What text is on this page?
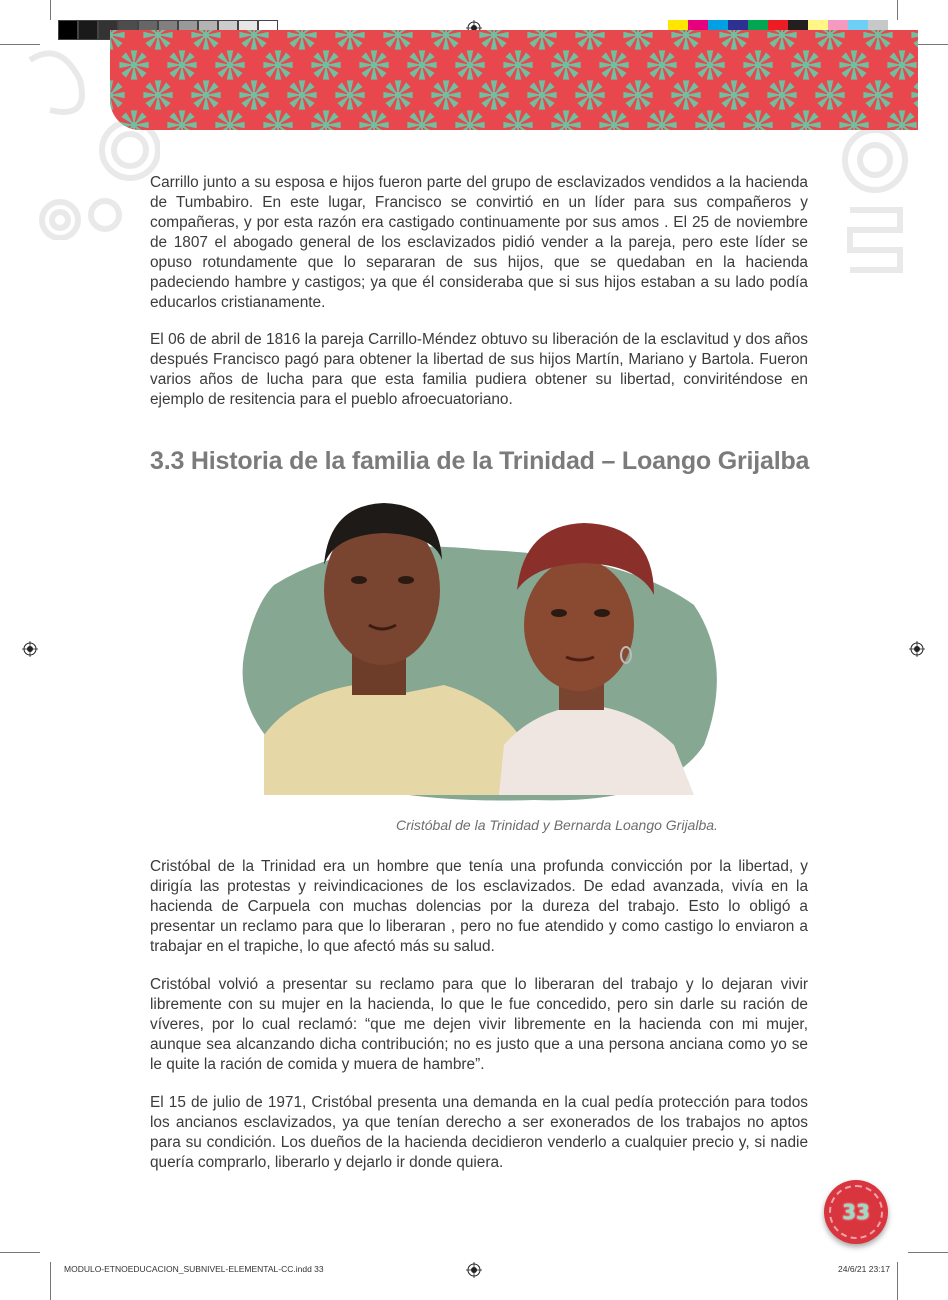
Carrillo junto a su esposa e hijos fueron parte del grupo de esclavizados vendidos a la hacienda de Tumbabiro. En este lugar, Francisco se convirtió en un líder para sus compañeros y compañeras, y por esta razón era castigado continuamente por sus amos . El 25 de noviembre de 1807 el abogado general de los esclavizados pidió vender a la pareja, pero este líder se opuso rotundamente que lo separaran de sus hijos, que se quedaban en la hacienda padeciendo hambre y castigos; ya que él consideraba que si sus hijos estaban a su lado podía educarlos cristianamente.

El 06 de abril de 1816 la pareja Carrillo-Méndez obtuvo su liberación de la esclavitud y dos años después Francisco pagó para obtener la libertad de sus hijos Martín, Mariano y Bartola. Fueron varios años de lucha para que esta familia pudiera obtener su libertad, conviriténdose en ejemplo de resitencia para el pueblo afroecuatoriano.

3.3 Historia de la familia de la Trinidad – Loango Grijalba

Cristóbal de la Trinidad y Bernarda Loango Grijalba.

Cristóbal de la Trinidad era un hombre que tenía una profunda convicción por la libertad, y dirigía las protestas y reivindicaciones de los esclavizados. De edad avanzada, vivía en la hacienda de Carpuela con muchas dolencias por la dureza del trabajo. Esto lo obligó a presentar un reclamo para que lo liberaran , pero no fue atendido y como castigo lo enviaron a trabajar en el trapiche, lo que afectó más su salud.

Cristóbal volvió a presentar su reclamo para que lo liberaran del trabajo y lo dejaran vivir libremente con su mujer en la hacienda, lo que le fue concedido, pero sin darle su ración de víveres, por lo cual reclamó: “que me dejen vivir libremente en la hacienda con mi mujer, aunque sea alcanzando dicha contribución; no es justo que a una persona anciana como yo se le quite la ración de comida y muera de hambre”.

El 15 de julio de 1971, Cristóbal presenta una demanda en la cual pedía protección para todos los ancianos esclavizados, ya que tenían derecho a ser exonerados de los trabajos no aptos para su condición. Los dueños de la hacienda decidieron venderlo a cualquier precio y, si nadie quería comprarlo, liberarlo y dejarlo ir donde quiera.

33
MODULO-ETNOEDUCACION_SUBNIVEL-ELEMENTAL-CC.indd 33	24/6/21 23:17
